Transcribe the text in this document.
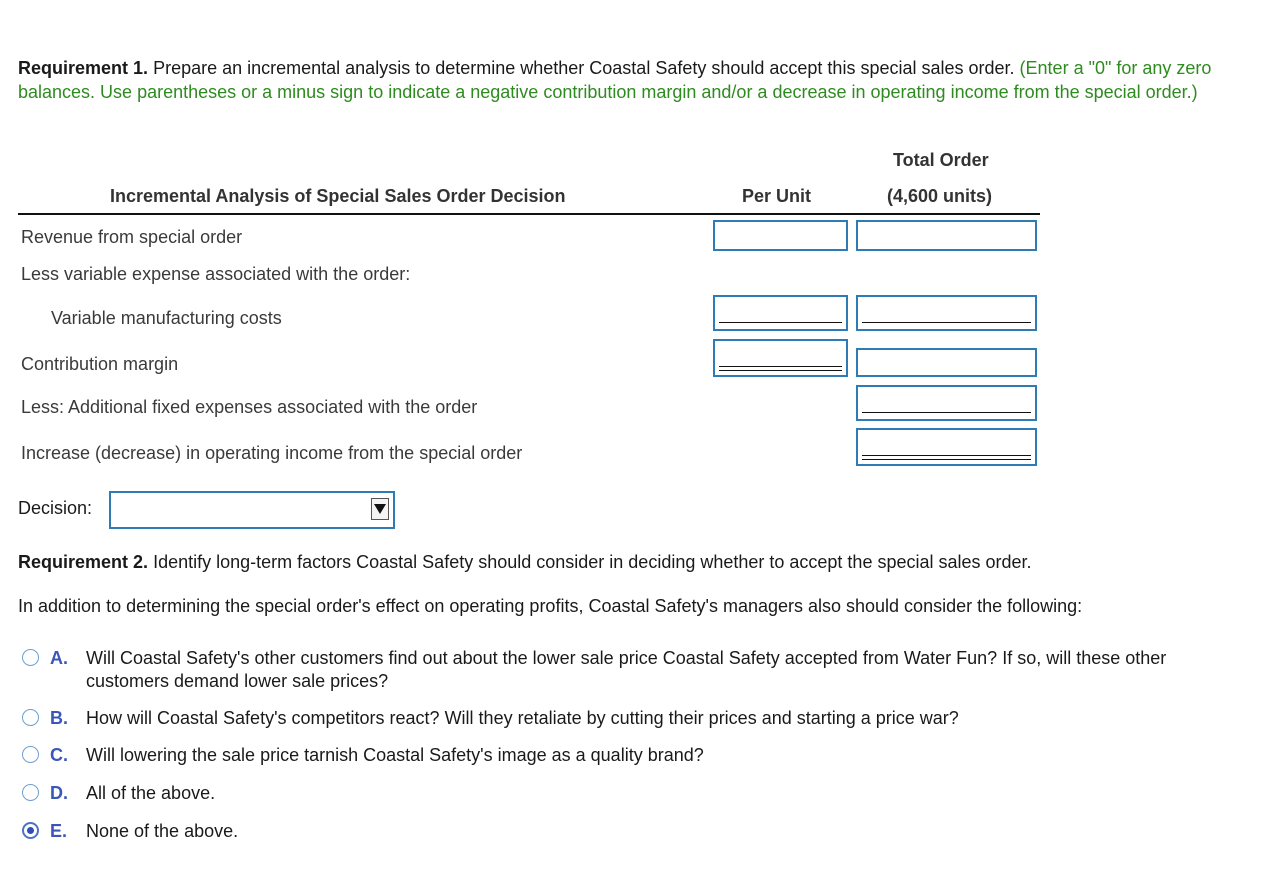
Requirement 1. Prepare an incremental analysis to determine whether Coastal Safety should accept this special sales order. (Enter a "0" for any zero balances. Use parentheses or a minus sign to indicate a negative contribution margin and/or a decrease in operating income from the special order.)
Total Order
Incremental Analysis of Special Sales Order Decision	Per Unit	(4,600 units)
Revenue from special order
Less variable expense associated with the order:
Variable manufacturing costs
Contribution margin
Less: Additional fixed expenses associated with the order
Increase (decrease) in operating income from the special order
Decision:
Requirement 2. Identify long-term factors Coastal Safety should consider in deciding whether to accept the special sales order.
In addition to determining the special order's effect on operating profits, Coastal Safety's managers also should consider the following:
A. Will Coastal Safety's other customers find out about the lower sale price Coastal Safety accepted from Water Fun? If so, will these other customers demand lower sale prices?
B. How will Coastal Safety's competitors react? Will they retaliate by cutting their prices and starting a price war?
C. Will lowering the sale price tarnish Coastal Safety's image as a quality brand?
D. All of the above.
E. None of the above.
